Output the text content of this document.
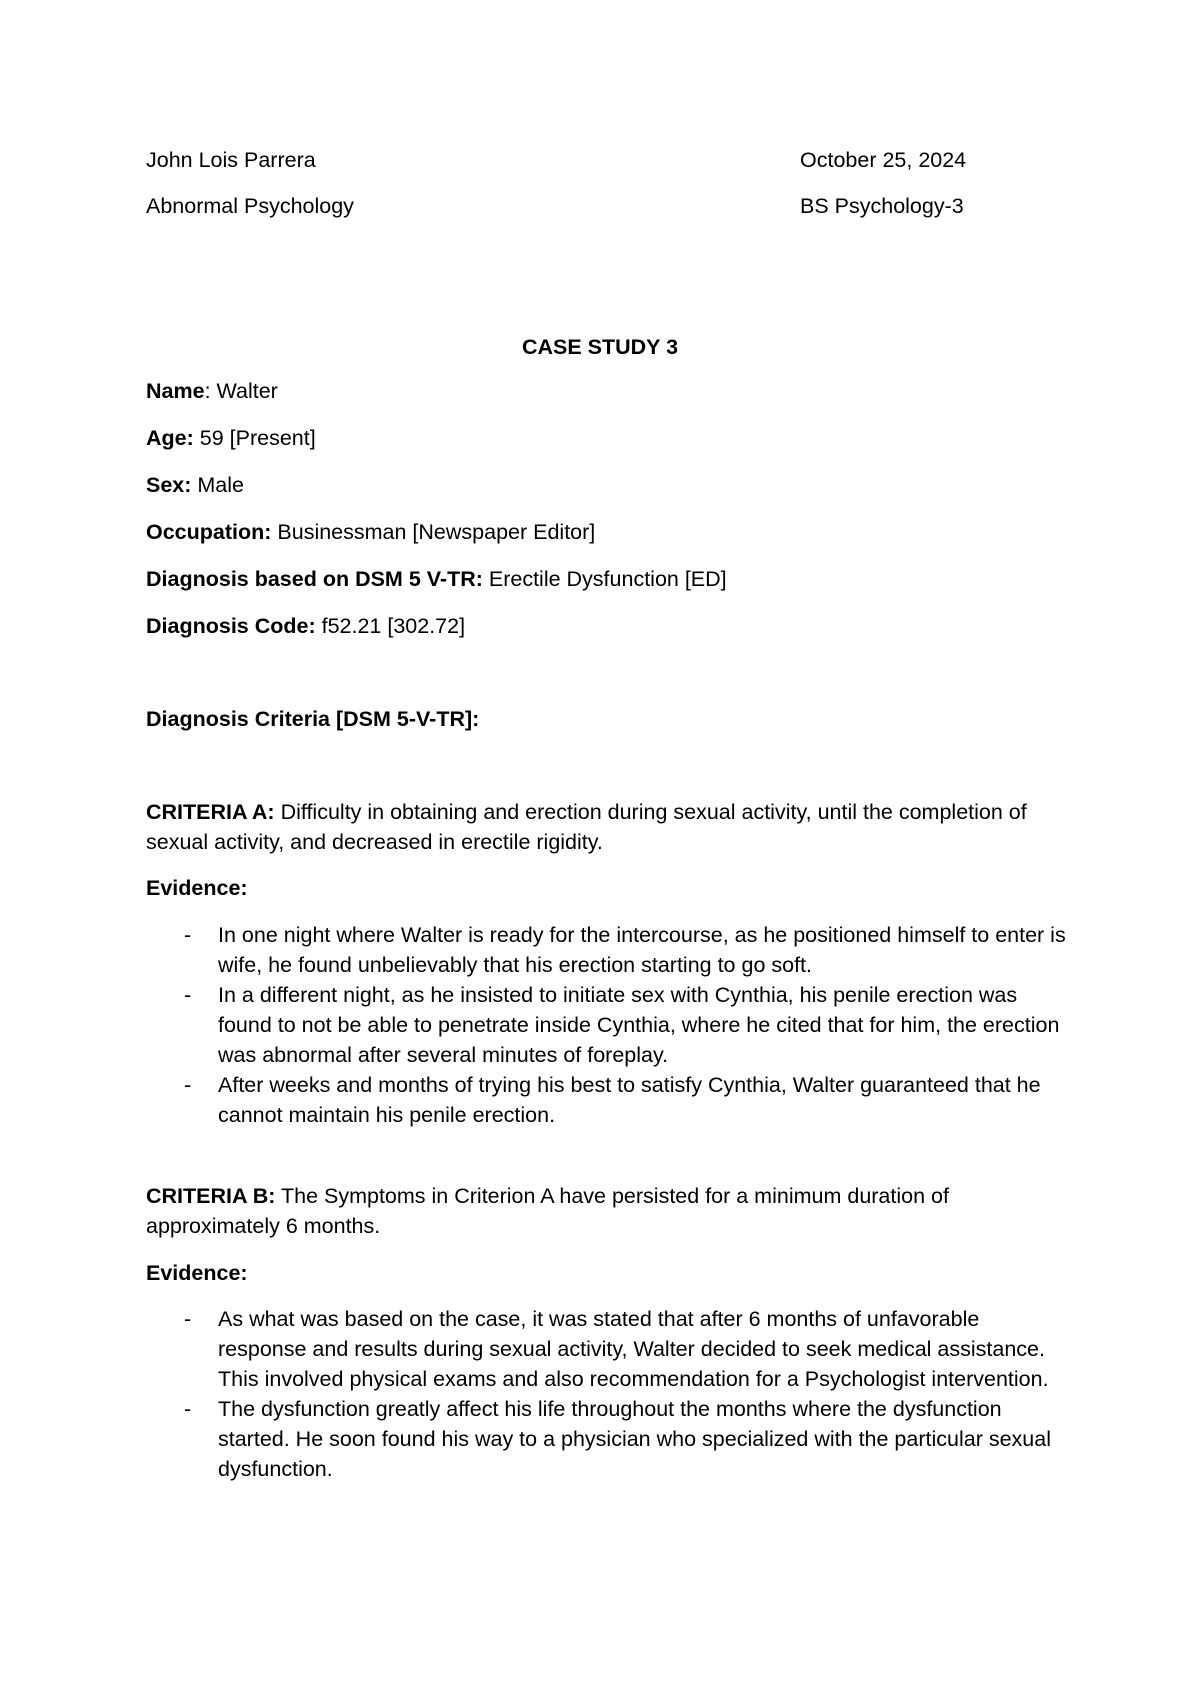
John Lois Parrera	October 25, 2024
Abnormal Psychology	BS Psychology-3
CASE STUDY 3
Name: Walter
Age: 59 [Present]
Sex: Male
Occupation: Businessman [Newspaper Editor]
Diagnosis based on DSM 5 V-TR: Erectile Dysfunction [ED]
Diagnosis Code: f52.21 [302.72]
Diagnosis Criteria [DSM 5-V-TR]:
CRITERIA A: Difficulty in obtaining and erection during sexual activity, until the completion of sexual activity, and decreased in erectile rigidity.
Evidence:
- In one night where Walter is ready for the intercourse, as he positioned himself to enter is wife, he found unbelievably that his erection starting to go soft.
- In a different night, as he insisted to initiate sex with Cynthia, his penile erection was found to not be able to penetrate inside Cynthia, where he cited that for him, the erection was abnormal after several minutes of foreplay.
- After weeks and months of trying his best to satisfy Cynthia, Walter guaranteed that he cannot maintain his penile erection.
CRITERIA B: The Symptoms in Criterion A have persisted for a minimum duration of approximately 6 months.
Evidence:
- As what was based on the case, it was stated that after 6 months of unfavorable response and results during sexual activity, Walter decided to seek medical assistance. This involved physical exams and also recommendation for a Psychologist intervention.
- The dysfunction greatly affect his life throughout the months where the dysfunction started. He soon found his way to a physician who specialized with the particular sexual dysfunction.
